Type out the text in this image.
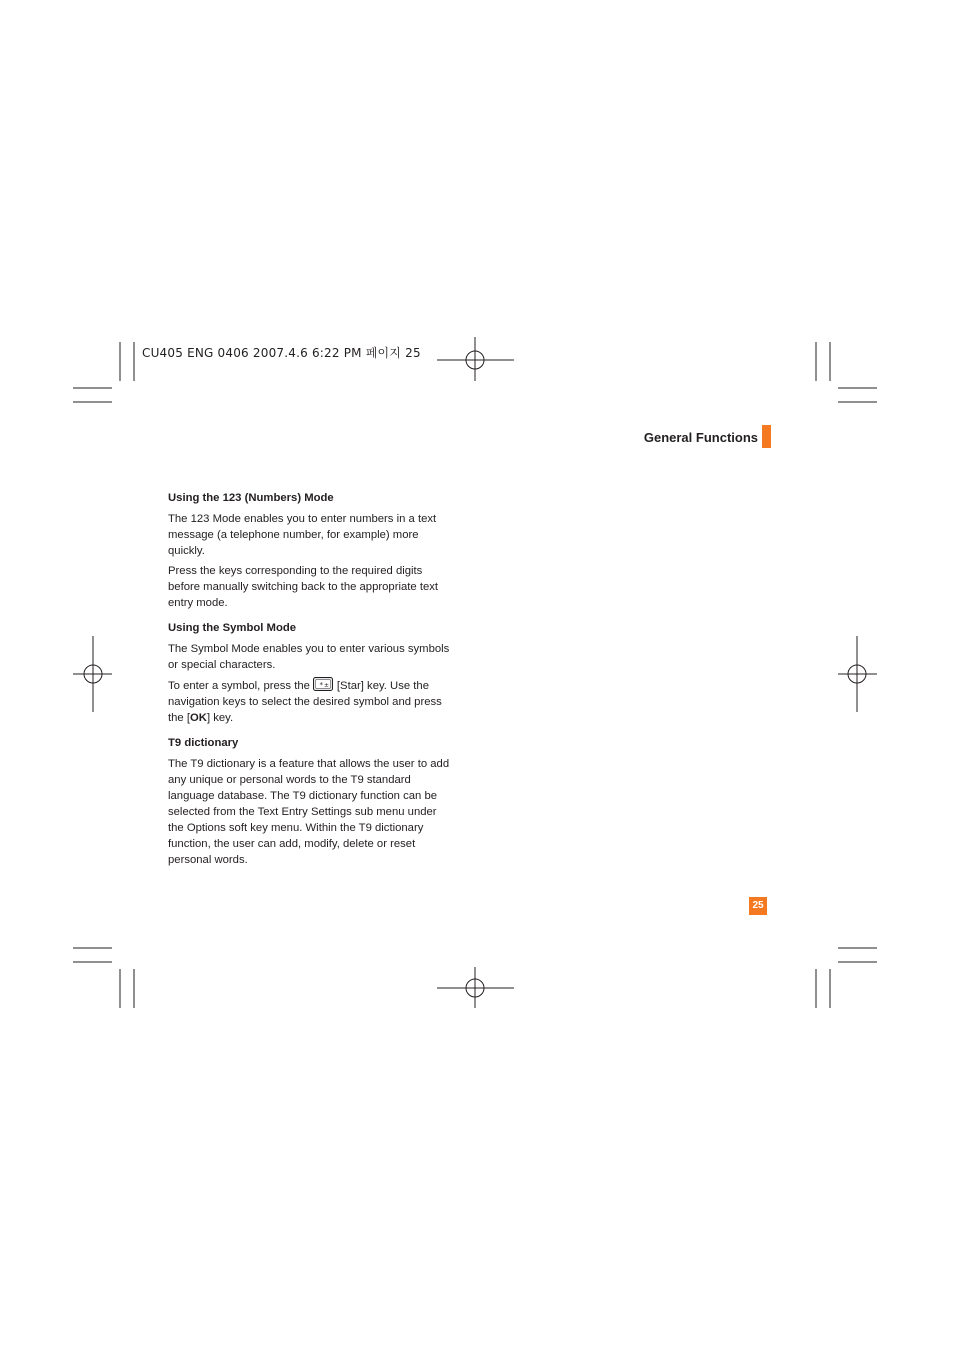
CU405 ENG 0406 2007.4.6 6:22 PM 페이지 25
General Functions
Using the 123 (Numbers) Mode

The 123 Mode enables you to enter numbers in a text message (a telephone number, for example) more quickly.

Press the keys corresponding to the required digits before manually switching back to the appropriate text entry mode.

Using the Symbol Mode

The Symbol Mode enables you to enter various symbols or special characters.

To enter a symbol, press the * ± [Star] key. Use the navigation keys to select the desired symbol and press the [OK] key.

T9 dictionary

The T9 dictionary is a feature that allows the user to add any unique or personal words to the T9 standard language database. The T9 dictionary function can be selected from the Text Entry Settings sub menu under the Options soft key menu. Within the T9 dictionary function, the user can add, modify, delete or reset personal words.

25
